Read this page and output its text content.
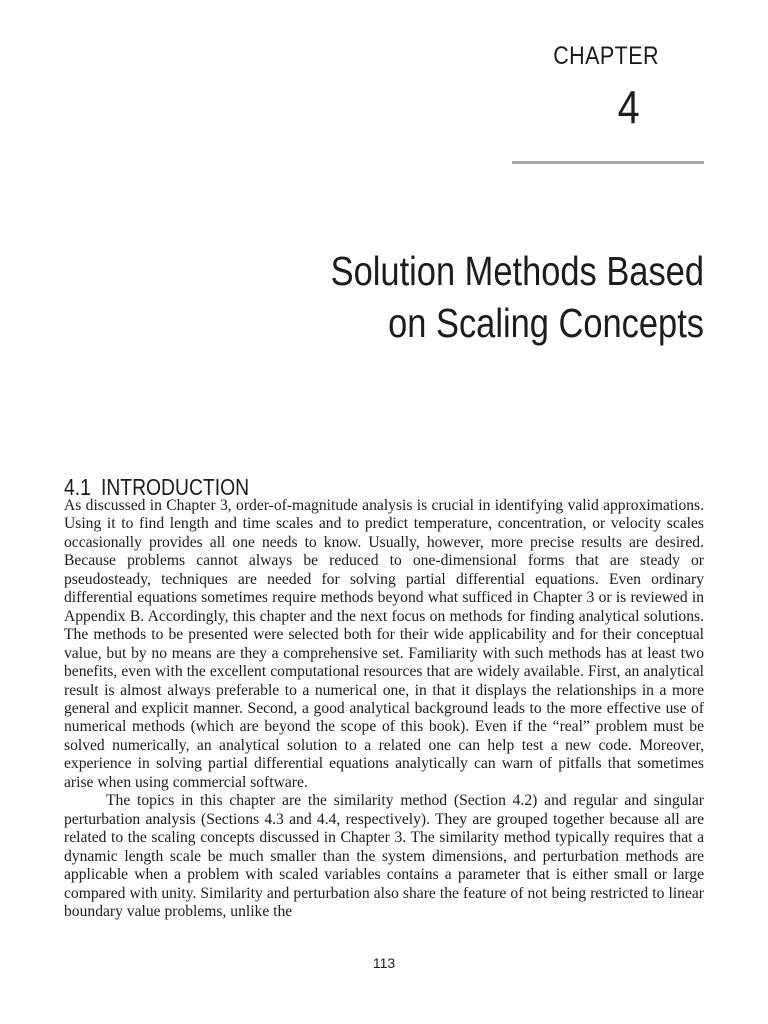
CHAPTER
4
Solution Methods Based
on Scaling Concepts
4.1 INTRODUCTION

As discussed in Chapter 3, order-of-magnitude analysis is crucial in identifying valid approximations. Using it to find length and time scales and to predict temperature, concentration, or velocity scales occasionally provides all one needs to know. Usually, however, more precise results are desired. Because problems cannot always be reduced to one-dimensional forms that are steady or pseudosteady, techniques are needed for solving partial differential equations. Even ordinary differential equations sometimes require methods beyond what sufficed in Chapter 3 or is reviewed in Appendix B. Accordingly, this chapter and the next focus on methods for finding analytical solutions. The methods to be presented were selected both for their wide applicability and for their conceptual value, but by no means are they a comprehensive set. Familiarity with such methods has at least two benefits, even with the excellent computational resources that are widely available. First, an analytical result is almost always preferable to a numerical one, in that it displays the relationships in a more general and explicit manner. Second, a good analytical background leads to the more effective use of numerical methods (which are beyond the scope of this book). Even if the “real” problem must be solved numerically, an analytical solution to a related one can help test a new code. Moreover, experience in solving partial differential equations analytically can warn of pitfalls that sometimes arise when using commercial software.

The topics in this chapter are the similarity method (Section 4.2) and regular and singular perturbation analysis (Sections 4.3 and 4.4, respectively). They are grouped together because all are related to the scaling concepts discussed in Chapter 3. The similarity method typically requires that a dynamic length scale be much smaller than the system dimensions, and perturbation methods are applicable when a problem with scaled variables contains a parameter that is either small or large compared with unity. Similarity and perturbation also share the feature of not being restricted to linear boundary value problems, unlike the

113
